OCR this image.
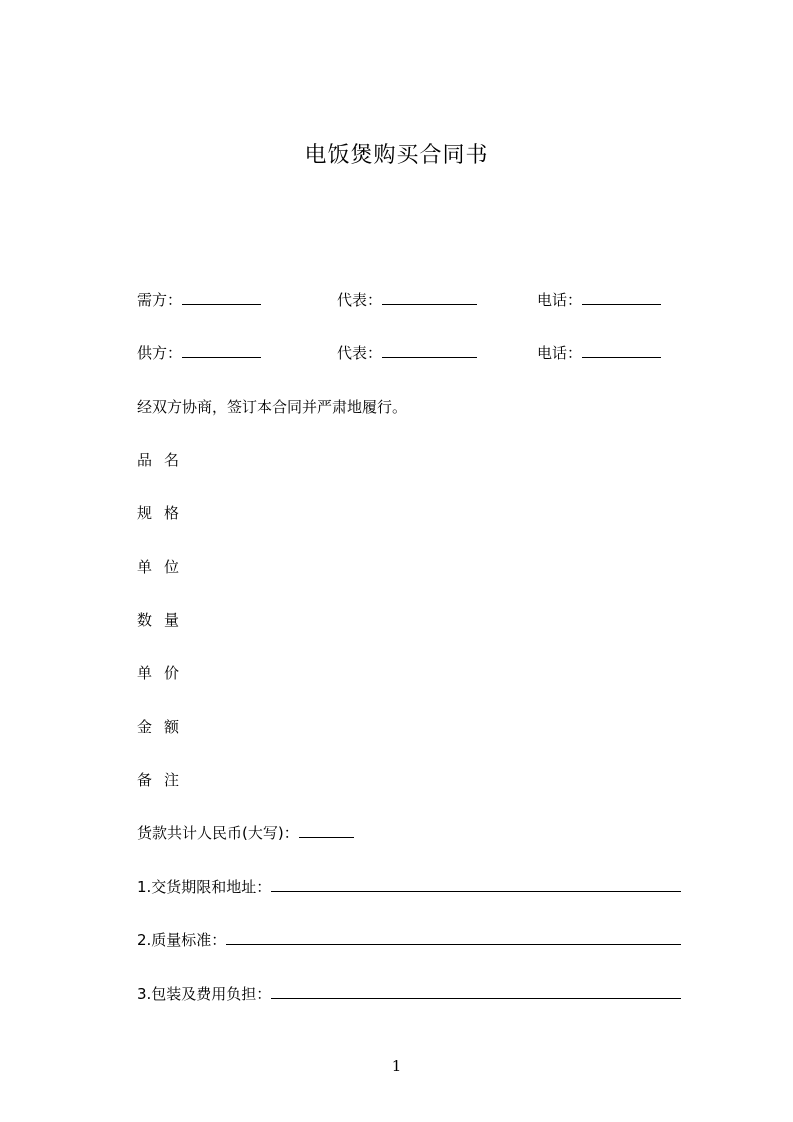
电饭煲购买合同书
需方：	代表：	电话：
供方：	代表：	电话：
经双方协商，签订本合同并严肃地履行。
品 名
规 格
单 位
数 量
单 价
金 额
备 注
货款共计人民币(大写)：
1.交货期限和地址：
2.质量标准：
3.包装及费用负担：
1
